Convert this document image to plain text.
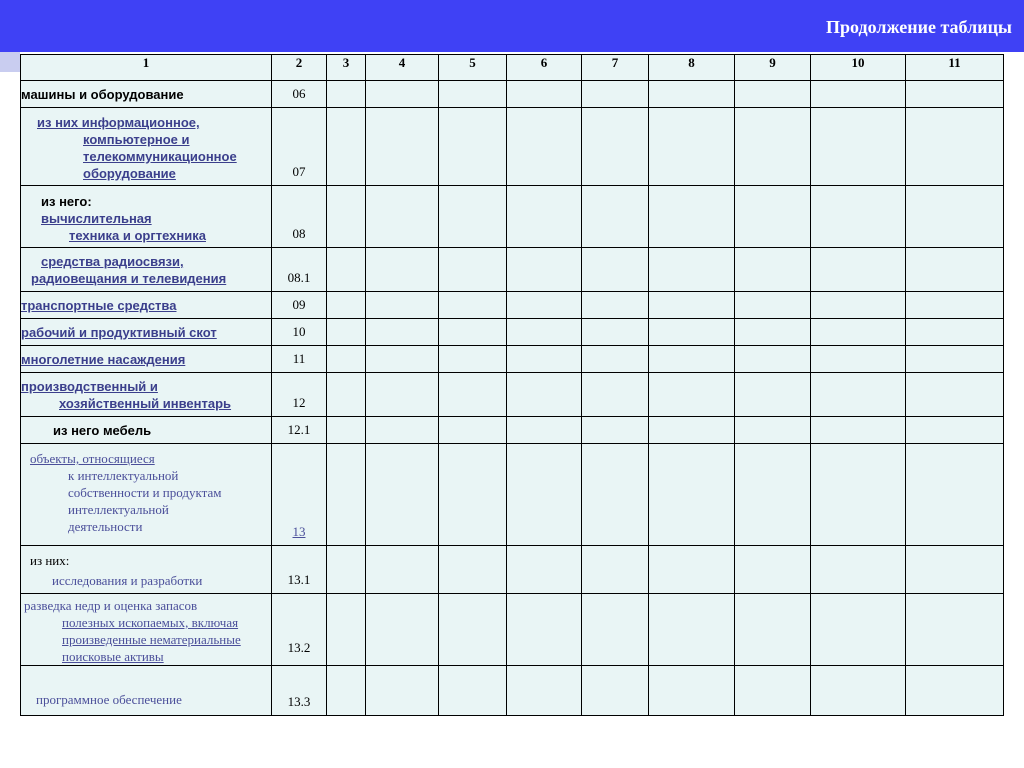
Продолжение таблицы
1	2	3	4	5	6	7	8	9	10	11
машины и оборудование	06									
из них информационное,
компьютерное и
телекоммуникационное
оборудование	07									

из него:
вычислительная
техника и оргтехника	08									
средства радиосвязи,
радиовещания и телевидения	08.1									
транспортные средства	09									
рабочий и продуктивный скот	10									
многолетние насаждения	11									
производственный и
хозяйственный инвентарь	12									
из него мебель	12.1									
объекты, относящиеся
к интеллектуальной
собственности и продуктам
интеллектуальной
деятельности	13									

из них:
исследования и разработки	13.1									

разведка недр и оценка запасов
полезных ископаемых, включая
произведенные нематериальные
поисковые активы	13.2									
программное обеспечение	13.3									
